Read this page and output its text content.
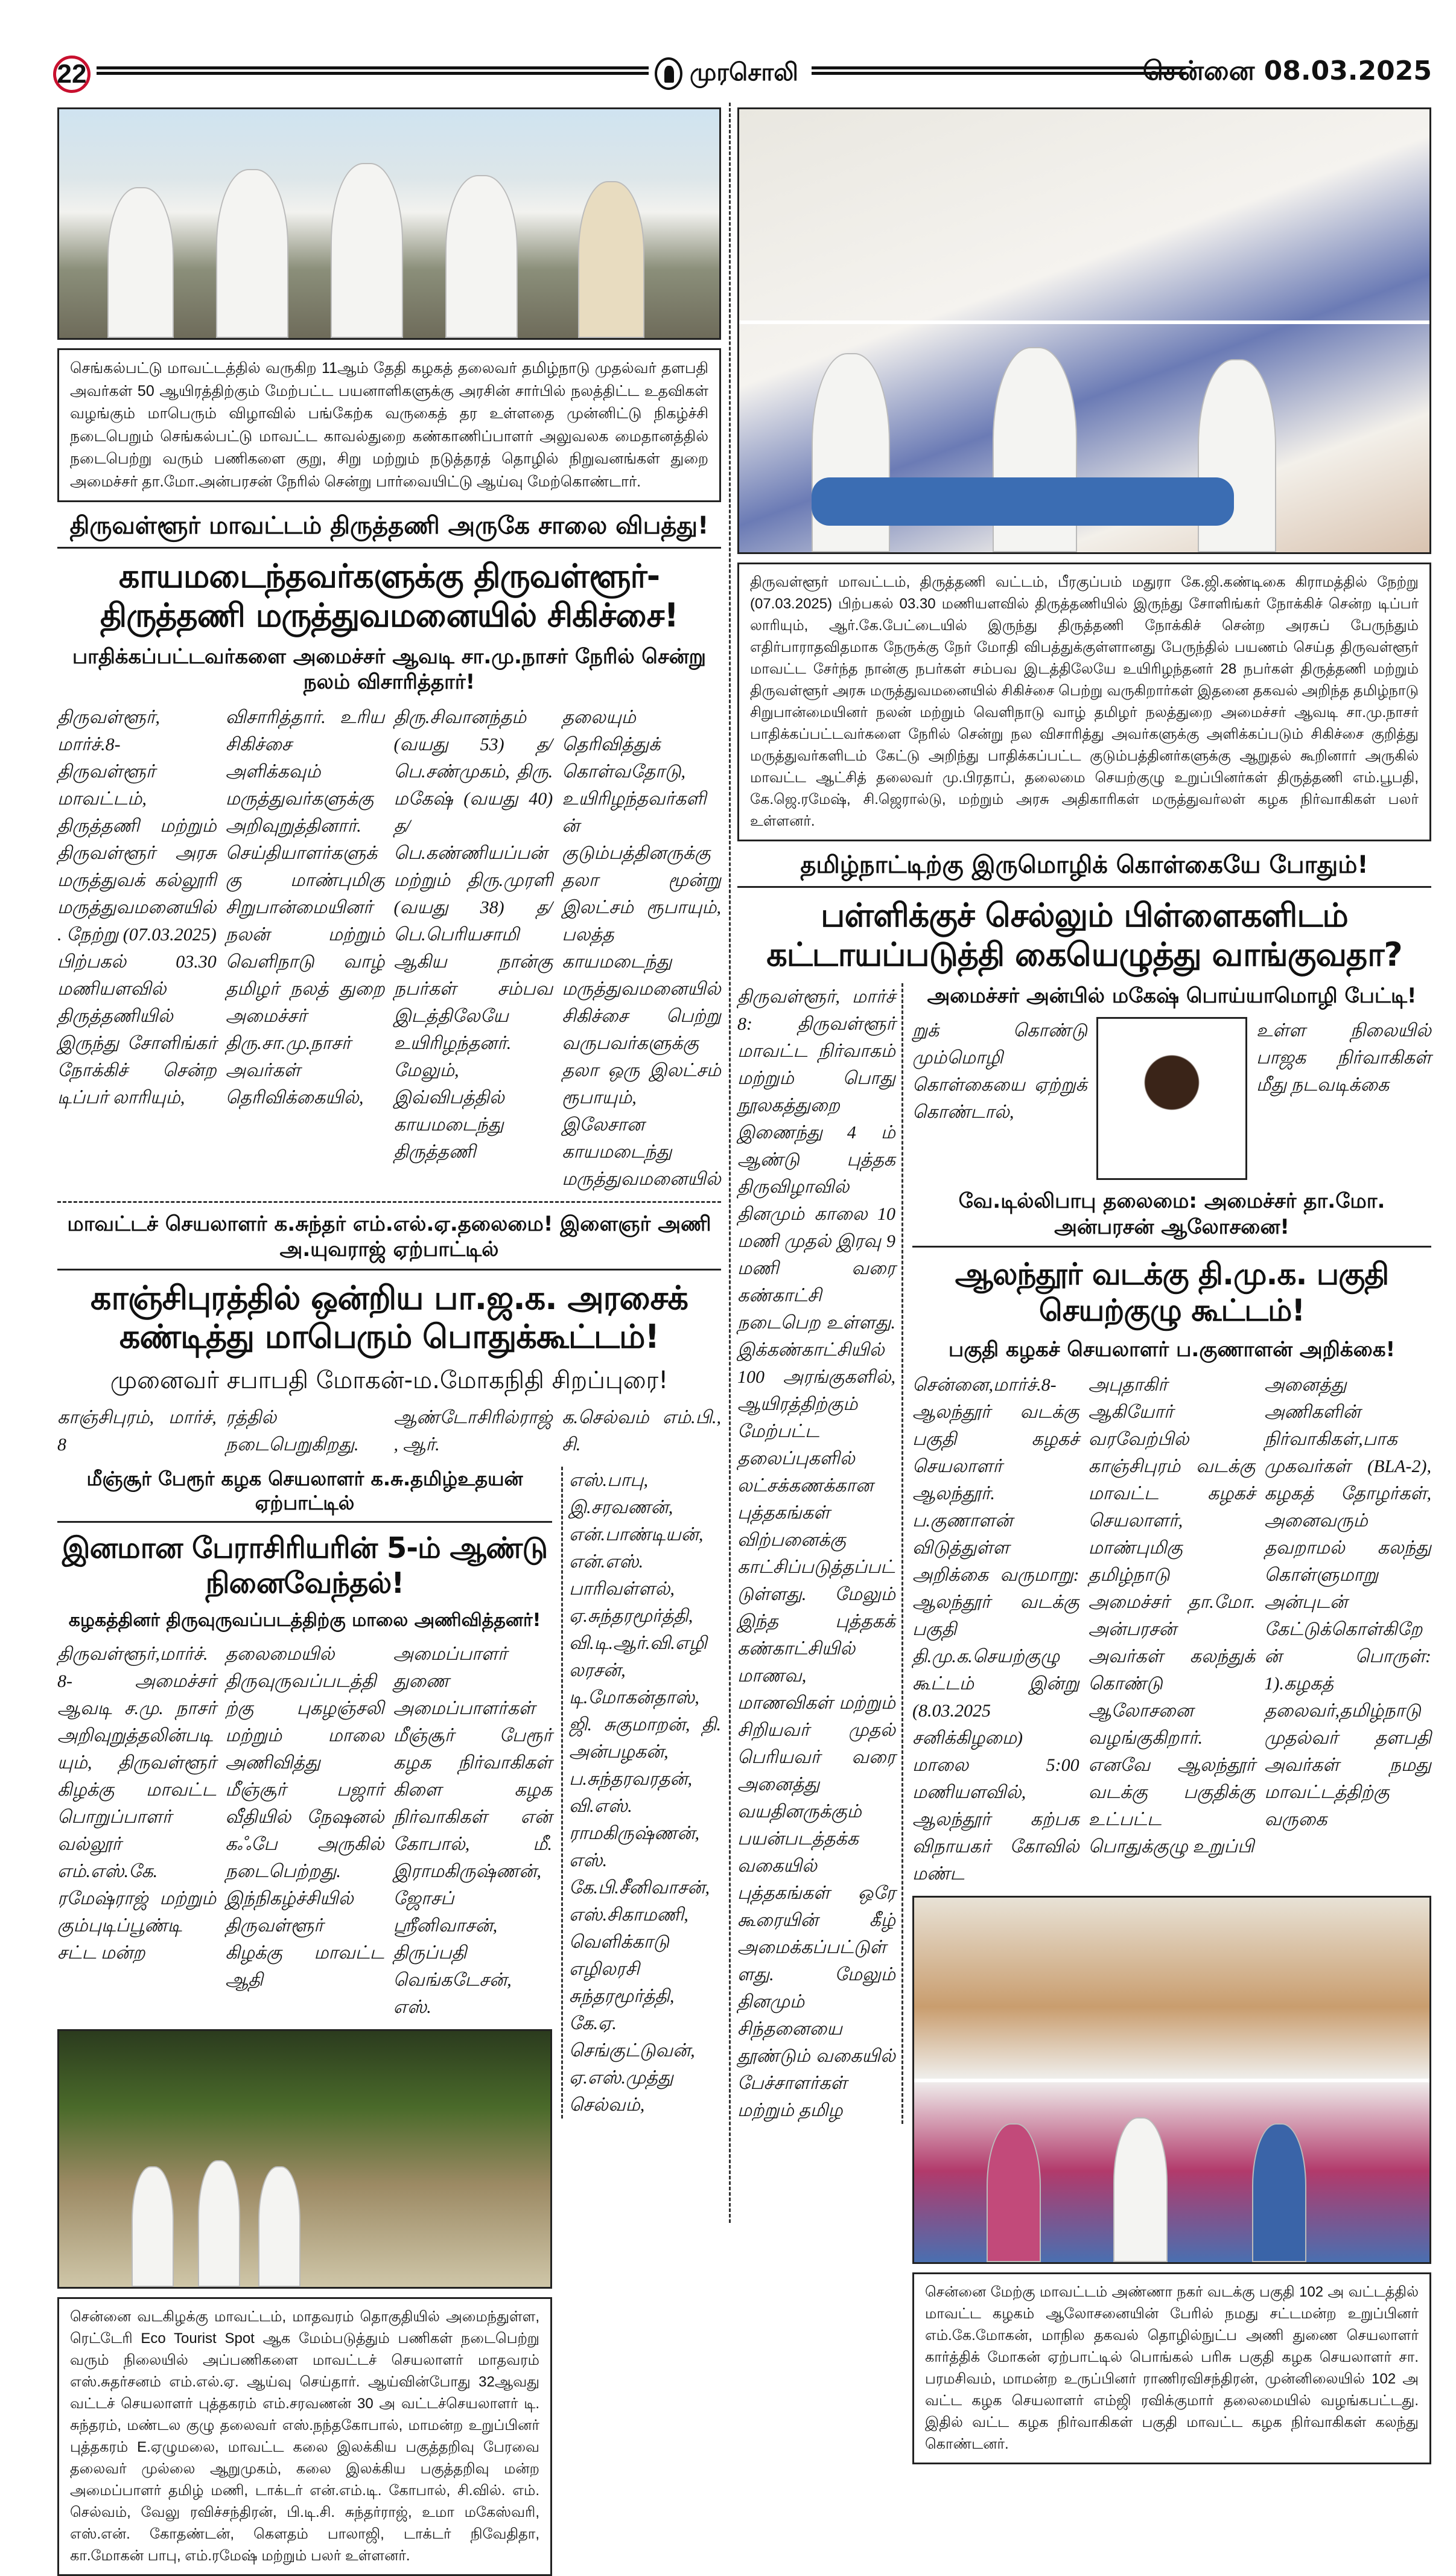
22	முரசொலி	சென்னை 08.03.2025
செங்கல்பட்டு மாவட்டத்தில் வருகிற 11ஆம் தேதி கழகத் தலைவர் தமிழ்நாடு முதல்வர் தளபதி அவர்கள் 50 ஆயிரத்திற்கும் மேற்பட்ட பயனாளிகளுக்கு அரசின் சார்பில் நலத்திட்ட உதவிகள் வழங்கும் மாபெரும் விழாவில் பங்கேற்க வருகைத் தர உள்ளதை முன்னிட்டு நிகழ்ச்சி நடைபெறும் செங்கல்பட்டு மாவட்ட காவல்துறை கண்காணிப்பாளர் அலுவலக மைதானத்தில் நடைபெற்று வரும் பணிகளை குறு, சிறு மற்றும் நடுத்தரத் தொழில் நிறுவனங்கள் துறை அமைச்சர் தா.மோ.அன்பரசன் நேரில் சென்று பார்வையிட்டு ஆய்வு மேற்கொண்டார்.
திருவள்ளூர் மாவட்டம் திருத்தணி அருகே சாலை விபத்து!
காயமடைந்தவர்களுக்கு திருவள்ளூர்- திருத்தணி மருத்துவமனையில் சிகிச்சை!
பாதிக்கப்பட்டவர்களை அமைச்சர் ஆவடி சா.மு.நாசர் நேரில் சென்று நலம் விசாரித்தார்!
திருவள்ளூர், மார்ச்.8- திருவள்ளூர் மாவட்டம், திருத்தணி மற்றும் திருவள்ளூர் அரசு மருத்துவக் கல்லூரி மருத்துவமனையில். நேற்று (07.03.2025) பிற்பகல் 03.30 மணியளவில் திருத்தணியில் இருந்து சோளிங்கர் நோக்கிச் சென்ற டிப்பர் லாரியும்,
விசாரித்தார். உரிய சிகிச்சை அளிக்கவும் மருத்துவர்களுக்கு அறிவுறுத்தினார். செய்தியாளர்களுக்கு மாண்புமிகு சிறுபான்மையினர் நலன் மற்றும் வெளிநாடு வாழ் தமிழர் நலத் துறை அமைச்சர் திரு.சா.மு.நாசர் அவர்கள் தெரிவிக்கையில்,
திரு.சிவானந்தம் (வயது 53) த/பெ.சண்முகம், திரு. மகேஷ் (வயது 40) த/பெ.கண்ணியப்பன் மற்றும் திரு.முரளி (வயது 38) த/பெ.பெரியசாமி ஆகிய நான்கு நபர்கள் சம்பவ இடத்திலேயே உயிரிழந்தனர். மேலும், இவ்விபத்தில் காயமடைந்து திருத்தணி
தலையும் தெரிவித்துக் கொள்வதோடு, உயிரிழந்தவர்களின் குடும்பத்தினருக்கு தலா மூன்று இலட்சம் ரூபாயும், பலத்த காயமடைந்து மருத்துவமனையில் சிகிச்சை பெற்று வருபவர்களுக்கு தலா ஒரு இலட்சம் ரூபாயும், இலேசான காயமடைந்து மருத்துவமனையில்
மாவட்டச் செயலாளர் க.சுந்தர் எம்.எல்.ஏ.தலைமை! இளைஞர் அணி அ.யுவராஜ் ஏற்பாட்டில்
காஞ்சிபுரத்தில் ஒன்றிய பா.ஜ.க. அரசைக் கண்டித்து மாபெரும் பொதுக்கூட்டம்!
முனைவர் சபாபதி மோகன்-ம.மோகநிதி சிறப்புரை!
காஞ்சிபுரம், மார்ச், 8
ரத்தில் நடைபெறுகிறது.
ஆண்டோசிரில்ராஜ், ஆர்.
க.செல்வம் எம்.பி., சி.
மீஞ்சூர் பேரூர் கழக செயலாளர் க.சு.தமிழ்உதயன் ஏற்பாட்டில்
இனமான பேராசிரியரின் 5-ம் ஆண்டு நினைவேந்தல்!
கழகத்தினர் திருவுருவப்படத்திற்கு மாலை அணிவித்தனர்!
திருவள்ளூர்,மார்ச்.8- அமைச்சர் ஆவடி ச.மு. நாசர் அறிவுறுத்தலின்படியும், திருவள்ளூர் கிழக்கு மாவட்ட பொறுப்பாளர் வல்லூர் எம்.எஸ்.கே. ரமேஷ்ராஜ் மற்றும் கும்புடிப்பூண்டி சட்ட மன்ற
தலைமையில் திருவுருவப்படத்திற்கு புகழஞ்சலி மற்றும் மாலை அணிவித்து மீஞ்சூர் பஜார் வீதியில் நேஷனல் கஃபே அருகில் நடைபெற்றது. இந்நிகழ்ச்சியில் திருவள்ளூர் கிழக்கு மாவட்ட ஆதி
அமைப்பாளர் துணை அமைப்பாளர்கள் மீஞ்சூர் பேரூர் கழக நிர்வாகிகள் கிளை கழக நிர்வாகிகள் என் கோபால், மீ. இராமகிருஷ்ணன், ஜோசப் ஸ்ரீனிவாசன், திருப்பதி வெங்கடேசன், எஸ்.
சென்னை வடகிழக்கு மாவட்டம், மாதவரம் தொகுதியில் அமைந்துள்ள, ரெட்டேரி Eco Tourist Spot ஆக மேம்படுத்தும் பணிகள் நடைபெற்று வரும் நிலையில் அப்பணிகளை மாவட்டச் செயலாளர் மாதவரம் எஸ்.சுதர்சனம் எம்.எல்.ஏ. ஆய்வு செய்தார். ஆய்வின்போது 32ஆவது வட்டச் செயலாளர் புத்தகரம் எம்.சரவணன் 30 அ வட்டச்செயலாளர் டி. சுந்தரம், மண்டல குழு தலைவர் எஸ்.நந்தகோபால், மாமன்ற உறுப்பினர் புத்தகரம் E.ஏழுமலை, மாவட்ட கலை இலக்கிய பகுத்தறிவு பேரவை தலைவர் முல்லை ஆறுமுகம், கலை இலக்கிய பகுத்தறிவு மன்ற அமைப்பாளர் தமிழ் மணி, டாக்டர் என்.எம்.டி. கோபால், சி.வில். எம். செல்வம், வேலு ரவிச்சந்திரன், பி.டி.சி. சுந்தர்ராஜ், உமா மகேஸ்வரி, எஸ்.என். கோதண்டன், கௌதம் பாலாஜி, டாக்டர் நிவேதிதா, கா.மோகன் பாபு, எம்.ரமேஷ் மற்றும் பலர் உள்ளனர்.
எஸ்.பாபு, இ.சரவணன், என்.பாண்டியன், என்.எஸ். பாரிவள்ளல், ஏ.சுந்தரமூர்த்தி, வி.டி.ஆர்.வி.எழிலரசன், டி.மோகன்தாஸ், ஜி. சுகுமாறன், தி. அன்பழகன், ப.சுந்தரவரதன், வி.எஸ். ராமகிருஷ்ணன், எஸ். கே.பி.சீனிவாசன், எஸ்.சிகாமணி, வெளிக்காடு எழிலரசி சுந்தரமூர்த்தி, கே.ஏ. செங்குட்டுவன், ஏ.எஸ்.முத்து செல்வம்,
திருவள்ளூர் மாவட்டம், திருத்தணி வட்டம், பீரகுப்பம் மதுரா கே.ஜி.கண்டிகை கிராமத்தில் நேற்று (07.03.2025) பிற்பகல் 03.30 மணியளவில் திருத்தணியில் இருந்து சோளிங்கர் நோக்கிச் சென்ற டிப்பர் லாரியும், ஆர்.கே.பேட்டையில் இருந்து திருத்தணி நோக்கிச் சென்ற அரசுப் பேருந்தும் எதிர்பாராதவிதமாக நேருக்கு நேர் மோதி விபத்துக்குள்ளானது பேருந்தில் பயணம் செய்த திருவள்ளூர் மாவட்ட சேர்ந்த நான்கு நபர்கள் சம்பவ இடத்திலேயே உயிரிழந்தனர் 28 நபர்கள் திருத்தணி மற்றும் திருவள்ளூர் அரசு மருத்துவமனையில் சிகிச்சை பெற்று வருகிறார்கள் இதனை தகவல் அறிந்த தமிழ்நாடு சிறுபான்மையினர் நலன் மற்றும் வெளிநாடு வாழ் தமிழர் நலத்துறை அமைச்சர் ஆவடி சா.மு.நாசர் பாதிக்கப்பட்டவர்களை நேரில் சென்று நல விசாரித்து அவர்களுக்கு அளிக்கப்படும் சிகிச்சை குறித்து மருத்துவர்களிடம் கேட்டு அறிந்து பாதிக்கப்பட்ட குடும்பத்தினர்களுக்கு ஆறுதல் கூறினார் அருகில் மாவட்ட ஆட்சித் தலைவர் மு.பிரதாப், தலைமை செயற்குழு உறுப்பினர்கள் திருத்தணி எம்.பூபதி, கே.ஜெ.ரமேஷ், சி.ஜெரால்டு, மற்றும் அரசு அதிகாரிகள் மருத்துவர்லள் கழக நிர்வாகிகள் பலர் உள்ளனர்.
தமிழ்நாட்டிற்கு இருமொழிக் கொள்கையே போதும்!
பள்ளிக்குச் செல்லும் பிள்ளைகளிடம் கட்டாயப்படுத்தி கையெழுத்து வாங்குவதா?
திருவள்ளூர், மார்ச் 8: திருவள்ளூர் மாவட்ட நிர்வாகம் மற்றும் பொது நூலகத்துறை இணைந்து 4 ம் ஆண்டு புத்தக திருவிழாவில் தினமும் காலை 10 மணி முதல் இரவு 9 மணி வரை கண்காட்சி நடைபெற உள்ளது. இக்கண்காட்சியில் 100 அரங்குகளில், ஆயிரத்திற்கும் மேற்பட்ட தலைப்புகளில் லட்சக்கணக்கான புத்தகங்கள் விற்பனைக்கு காட்சிப்படுத்தப்பட்டுள்ளது. மேலும் இந்த புத்தகக் கண்காட்சியில் மாணவ, மாணவிகள் மற்றும் சிறியவர் முதல் பெரியவர் வரை அனைத்து வயதினருக்கும் பயன்படத்தக்க வகையில் புத்தகங்கள் ஒரே கூரையின் கீழ் அமைக்கப்பட்டுள்ளது. மேலும் தினமும் சிந்தனையை தூண்டும் வகையில் பேச்சாளர்கள் மற்றும் தமிழ
அமைச்சர் அன்பில் மகேஷ் பொய்யாமொழி பேட்டி!
றுக் கொண்டு மும்மொழி கொள்கையை ஏற்றுக் கொண்டால்,
உள்ள நிலையில் பாஜக நிர்வாகிகள் மீது நடவடிக்கை
வே.டில்லிபாபு தலைமை: அமைச்சர் தா.மோ. அன்பரசன் ஆலோசனை!
ஆலந்தூர் வடக்கு தி.மு.க. பகுதி செயற்குழு கூட்டம்!
பகுதி கழகச் செயலாளர் ப.குணாளன் அறிக்கை!
சென்னை,மார்ச்.8- ஆலந்தூர் வடக்கு பகுதி கழகச் செயலாளர் ஆலந்தூர். ப.குணாளன் விடுத்துள்ள அறிக்கை வருமாறு: ஆலந்தூர் வடக்கு பகுதி தி.மு.க.செயற்குழு கூட்டம் இன்று (8.03.2025 சனிக்கிழமை) மாலை 5:00 மணியளவில், ஆலந்தூர் கற்பக விநாயகர் கோவில் மண்ட
அபுதாகிர் ஆகியோர் வரவேற்பில் காஞ்சிபுரம் வடக்கு மாவட்ட கழகச் செயலாளர், மாண்புமிகு தமிழ்நாடு அமைச்சர் தா.மோ. அன்பரசன் அவர்கள் கலந்துக் கொண்டு ஆலோசனை வழங்குகிறார். எனவே ஆலந்தூர் வடக்கு பகுதிக்கு உட்பட்ட பொதுக்குழு உறுப்பி
அனைத்து அணிகளின் நிர்வாகிகள்,பாக முகவர்கள் (BLA-2), கழகத் தோழர்கள், அனைவரும் தவறாமல் கலந்து கொள்ளுமாறு அன்புடன் கேட்டுக்கொள்கிறேன் பொருள்: 1).கழகத் தலைவர்,தமிழ்நாடு முதல்வர் தளபதி அவர்கள் நமது மாவட்டத்திற்கு வருகை
சென்னை மேற்கு மாவட்டம் அண்ணா நகர் வடக்கு பகுதி 102 அ வட்டத்தில் மாவட்ட கழகம் ஆலோசனையின் பேரில் நமது சட்டமன்ற உறுப்பினர் எம்.கே.மோகன், மாநில தகவல் தொழில்நுட்ப அணி துணை செயலாளர் கார்த்திக் மோகன் ஏற்பாட்டில் பொங்கல் பரிசு பகுதி கழக செயலாளர் சா. பரமசிவம், மாமன்ற உருப்பினர் ராணிரவிசந்திரன், முன்னிலையில் 102 அ வட்ட கழக செயலாளர் எம்ஜி ரவிக்குமார் தலைமையில் வழங்கபட்டது. இதில் வட்ட கழக நிர்வாகிகள் பகுதி மாவட்ட கழக நிர்வாகிகள் கலந்து கொண்டனர்.
